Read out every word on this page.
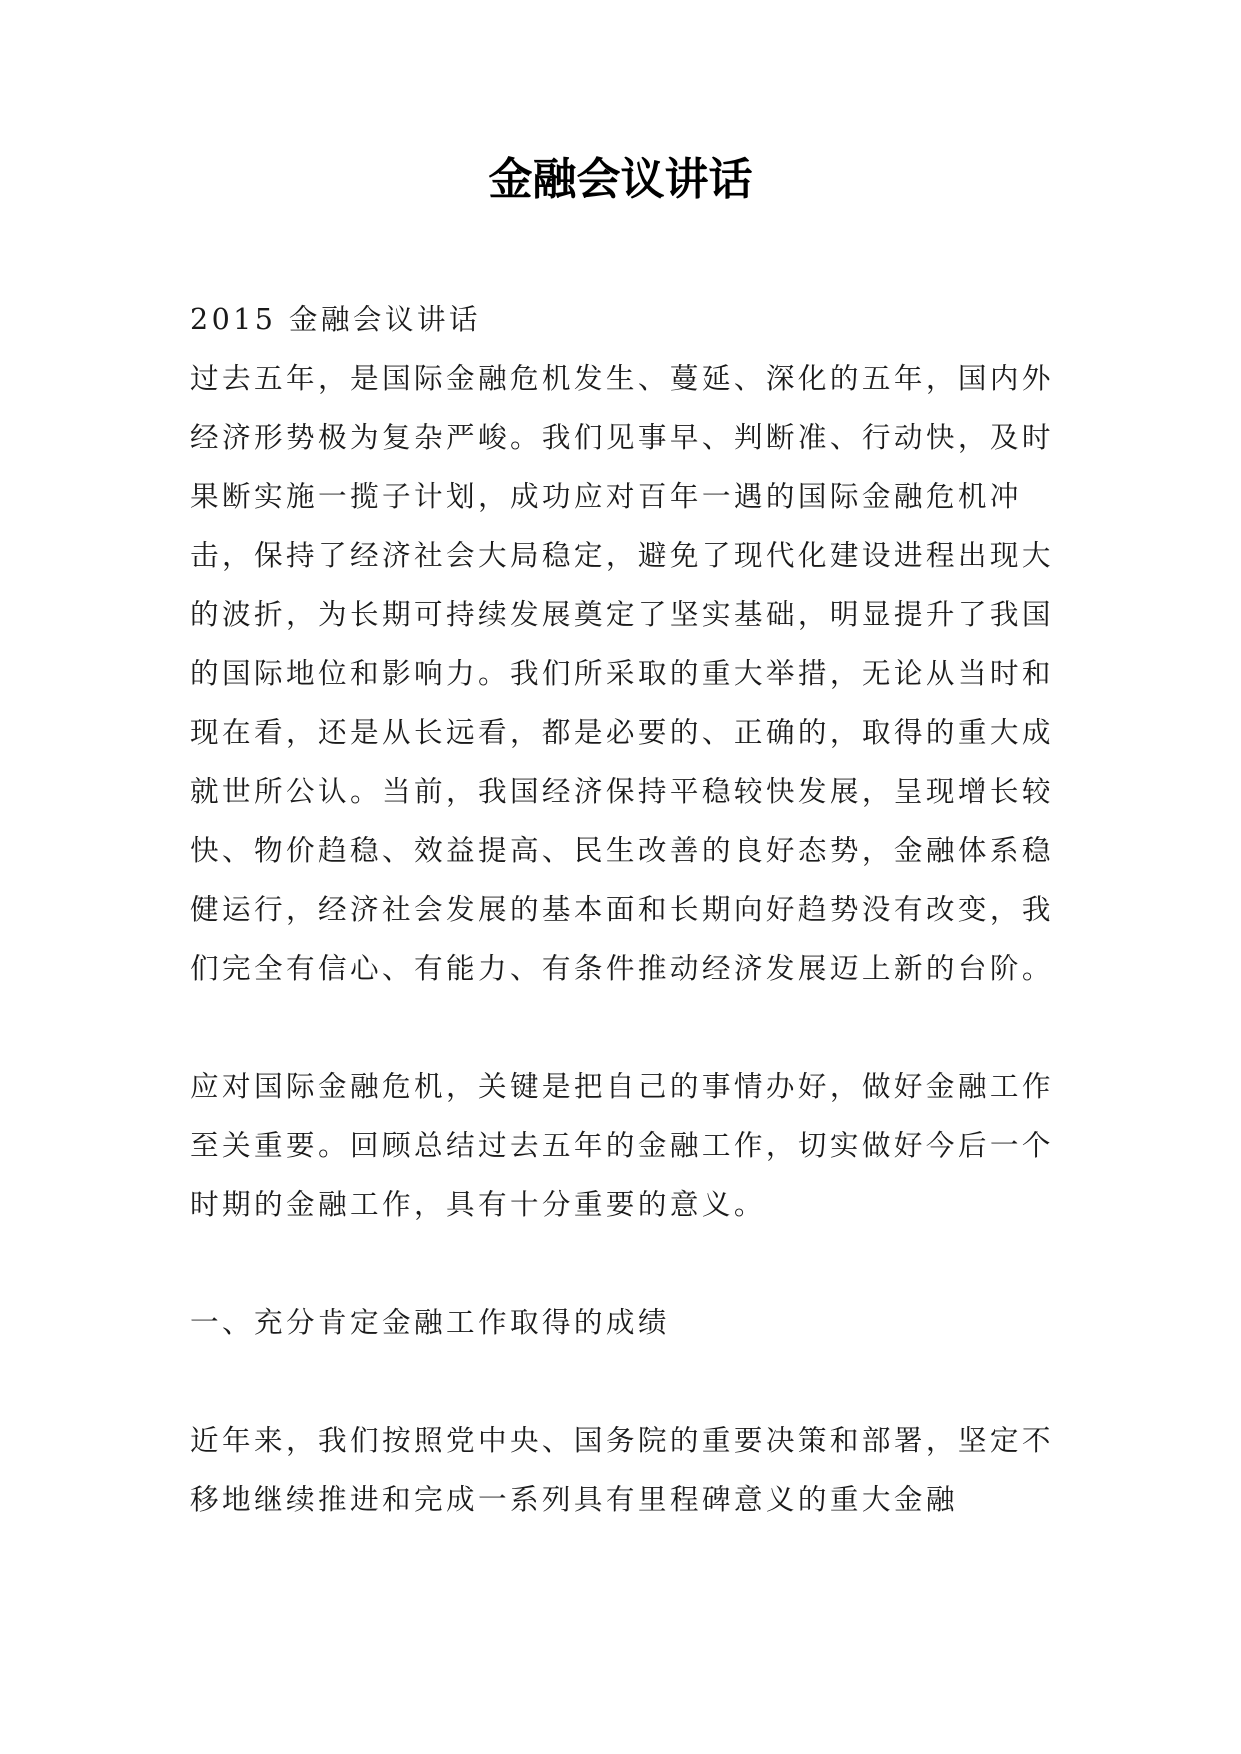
金融会议讲话

2015 金融会议讲话

过去五年，是国际金融危机发生、蔓延、深化的五年，国内外经济形势极为复杂严峻。我们见事早、判断准、行动快，及时果断实施一揽子计划，成功应对百年一遇的国际金融危机冲击，保持了经济社会大局稳定，避免了现代化建设进程出现大的波折，为长期可持续发展奠定了坚实基础，明显提升了我国的国际地位和影响力。我们所采取的重大举措，无论从当时和现在看，还是从长远看，都是必要的、正确的，取得的重大成就世所公认。当前，我国经济保持平稳较快发展，呈现增长较快、物价趋稳、效益提高、民生改善的良好态势，金融体系稳健运行，经济社会发展的基本面和长期向好趋势没有改变，我们完全有信心、有能力、有条件推动经济发展迈上新的台阶。

应对国际金融危机，关键是把自己的事情办好，做好金融工作至关重要。回顾总结过去五年的金融工作，切实做好今后一个时期的金融工作，具有十分重要的意义。

一、充分肯定金融工作取得的成绩

近年来，我们按照党中央、国务院的重要决策和部署，坚定不移地继续推进和完成一系列具有里程碑意义的重大金融
